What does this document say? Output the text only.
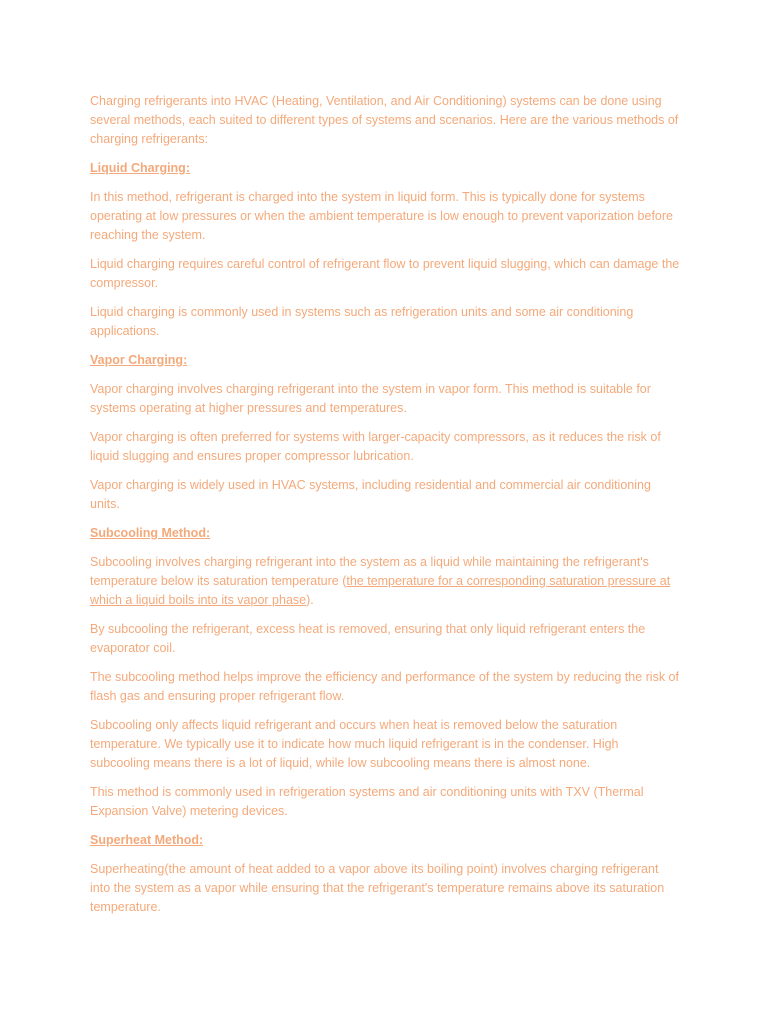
Charging refrigerants into HVAC (Heating, Ventilation, and Air Conditioning) systems can be done using several methods, each suited to different types of systems and scenarios. Here are the various methods of charging refrigerants:

Liquid Charging:

In this method, refrigerant is charged into the system in liquid form. This is typically done for systems operating at low pressures or when the ambient temperature is low enough to prevent vaporization before reaching the system.

Liquid charging requires careful control of refrigerant flow to prevent liquid slugging, which can damage the compressor.

Liquid charging is commonly used in systems such as refrigeration units and some air conditioning applications.

Vapor Charging:

Vapor charging involves charging refrigerant into the system in vapor form. This method is suitable for systems operating at higher pressures and temperatures.

Vapor charging is often preferred for systems with larger-capacity compressors, as it reduces the risk of liquid slugging and ensures proper compressor lubrication.

Vapor charging is widely used in HVAC systems, including residential and commercial air conditioning units.

Subcooling Method:

Subcooling involves charging refrigerant into the system as a liquid while maintaining the refrigerant's temperature below its saturation temperature (the temperature for a corresponding saturation pressure at which a liquid boils into its vapor phase).

By subcooling the refrigerant, excess heat is removed, ensuring that only liquid refrigerant enters the evaporator coil.

The subcooling method helps improve the efficiency and performance of the system by reducing the risk of flash gas and ensuring proper refrigerant flow.

Subcooling only affects liquid refrigerant and occurs when heat is removed below the saturation temperature. We typically use it to indicate how much liquid refrigerant is in the condenser. High subcooling means there is a lot of liquid, while low subcooling means there is almost none.

This method is commonly used in refrigeration systems and air conditioning units with TXV (Thermal Expansion Valve) metering devices.

Superheat Method:

Superheating(the amount of heat added to a vapor above its boiling point) involves charging refrigerant into the system as a vapor while ensuring that the refrigerant's temperature remains above its saturation temperature.
